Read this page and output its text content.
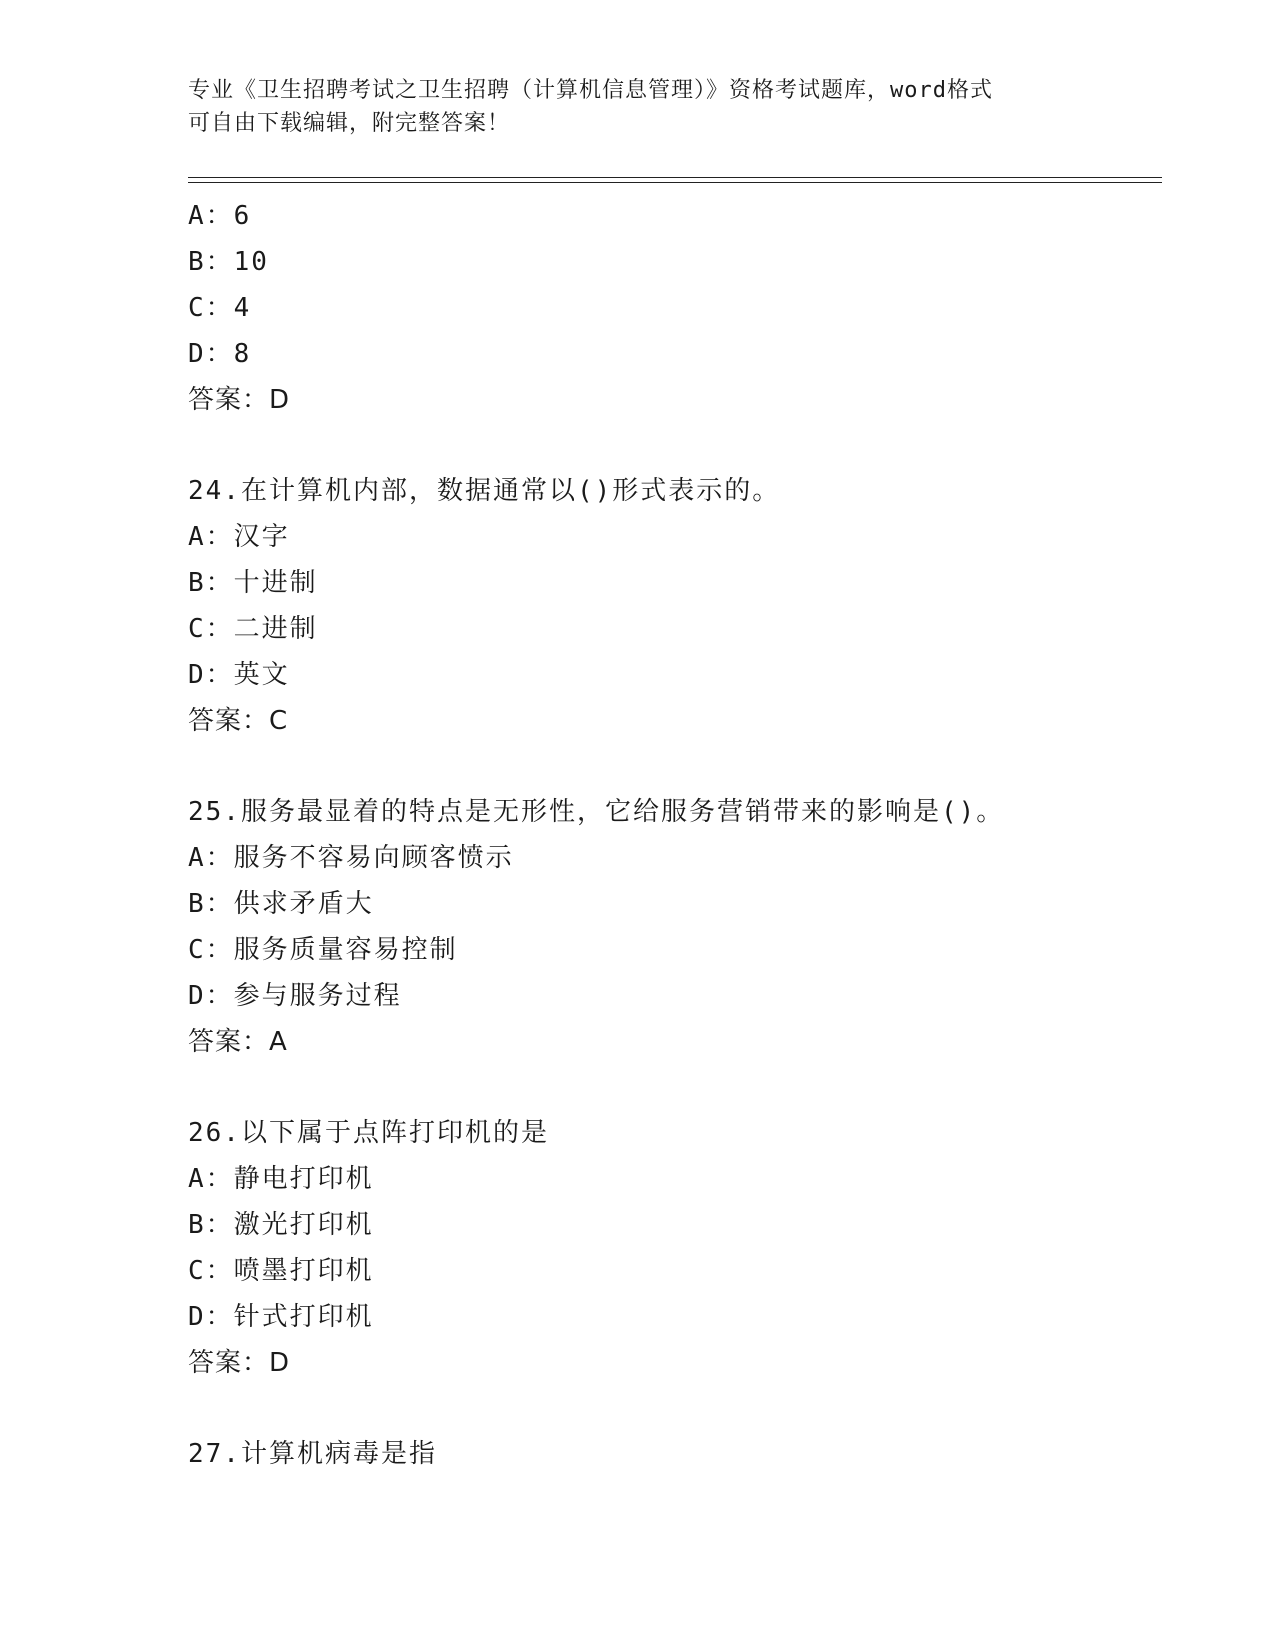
专业《卫生招聘考试之卫生招聘（计算机信息管理）》资格考试题库，word格式
可自由下载编辑，附完整答案！
A：6
B：10
C：4
D：8
答案：D
24.在计算机内部，数据通常以()形式表示的。
A：汉字
B：十进制
C：二进制
D：英文
答案：C
25.服务最显着的特点是无形性，它给服务营销带来的影响是()。
A：服务不容易向顾客愤示
B：供求矛盾大
C：服务质量容易控制
D：参与服务过程
答案：A
26.以下属于点阵打印机的是
A：静电打印机
B：激光打印机
C：喷墨打印机
D：针式打印机
答案：D
27.计算机病毒是指
